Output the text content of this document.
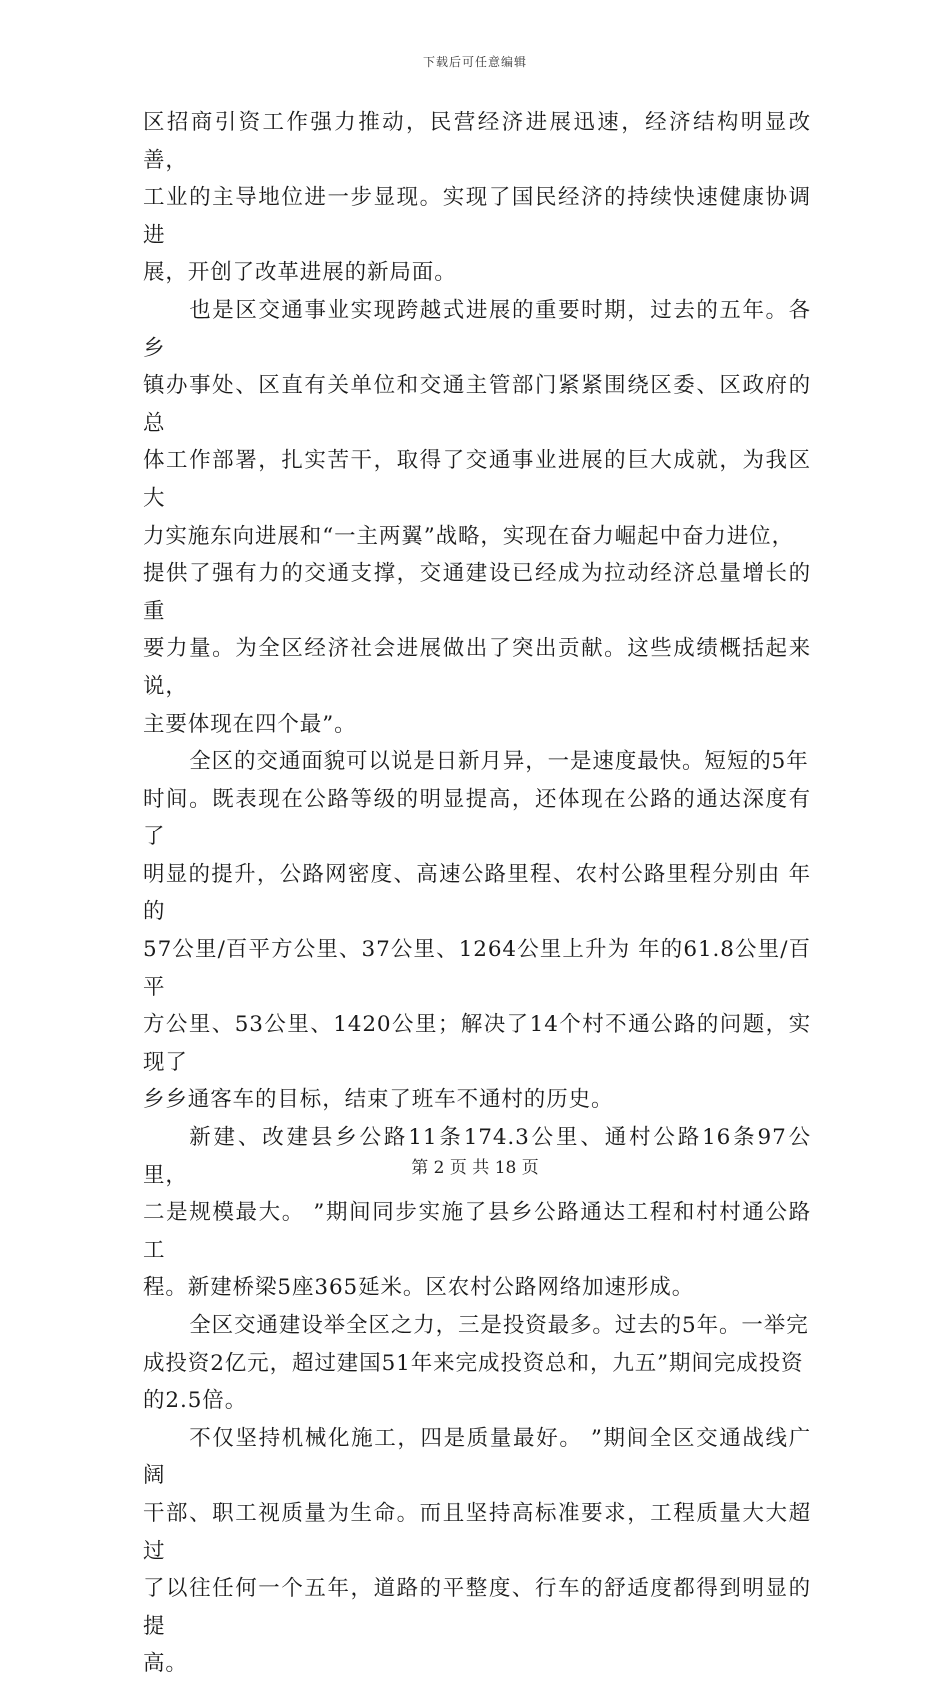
下载后可任意编辑

区招商引资工作强力推动，民营经济进展迅速，经济结构明显改善，
工业的主导地位进一步显现。实现了国民经济的持续快速健康协调进
展，开创了改革进展的新局面。

也是区交通事业实现跨越式进展的重要时期，过去的五年。各乡
镇办事处、区直有关单位和交通主管部门紧紧围绕区委、区政府的总
体工作部署，扎实苦干，取得了交通事业进展的巨大成就，为我区大
力实施东向进展和“一主两翼”战略，实现在奋力崛起中奋力进位，
提供了强有力的交通支撑，交通建设已经成为拉动经济总量增长的重
要力量。为全区经济社会进展做出了突出贡献。这些成绩概括起来说，
主要体现在四个最”。

全区的交通面貌可以说是日新月异，一是速度最快。短短的5年
时间。既表现在公路等级的明显提高，还体现在公路的通达深度有了
明显的提升，公路网密度、高速公路里程、农村公路里程分别由 年的
57公里/百平方公里、37公里、1264公里上升为 年的61.8公里/百平
方公里、53公里、1420公里；解决了14个村不通公路的问题，实现了
乡乡通客车的目标，结束了班车不通村的历史。

新建、改建县乡公路11条174.3公里、通村公路16条97公里，
二是规模最大。 ”期间同步实施了县乡公路通达工程和村村通公路工
程。新建桥梁5座365延米。区农村公路网络加速形成。

全区交通建设举全区之力，三是投资最多。过去的5年。一举完
成投资2亿元，超过建国51年来完成投资总和，九五”期间完成投资
的2.5倍。

不仅坚持机械化施工，四是质量最好。 ”期间全区交通战线广阔
干部、职工视质量为生命。而且坚持高标准要求，工程质量大大超过
了以往任何一个五年，道路的平整度、行车的舒适度都得到明显的提
高。

第 2 页 共 18 页
